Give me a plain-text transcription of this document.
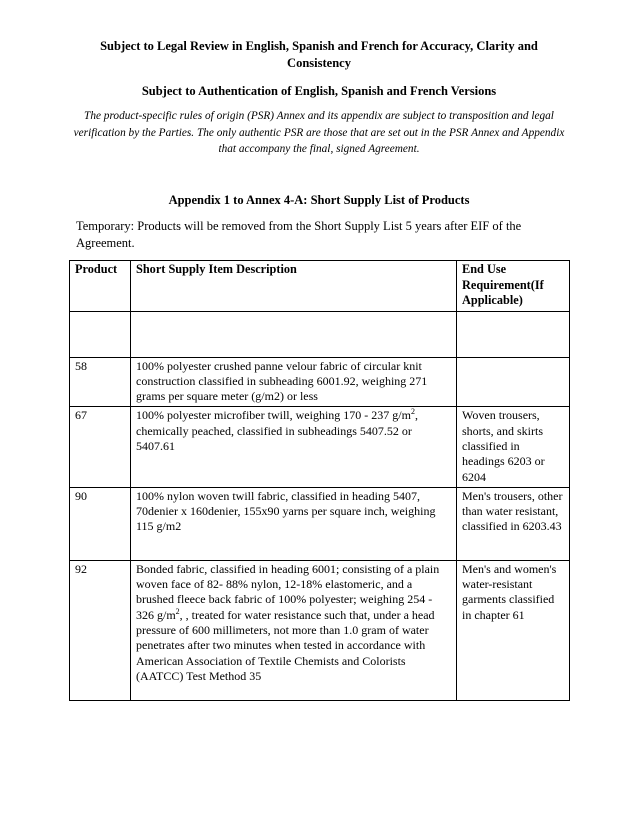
Subject to Legal Review in English, Spanish and French for Accuracy, Clarity and Consistency
Subject to Authentication of English, Spanish and French Versions
The product-specific rules of origin (PSR) Annex and its appendix are subject to transposition and legal verification by the Parties. The only authentic PSR are those that are set out in the PSR Annex and Appendix that accompany the final, signed Agreement.
Appendix 1 to Annex 4-A: Short Supply List of Products
Temporary: Products will be removed from the Short Supply List 5 years after EIF of the Agreement.
Product	Short Supply Item Description	End Use Requirement(If Applicable)

58	100% polyester crushed panne velour fabric of circular knit construction classified in subheading 6001.92, weighing 271 grams per square meter (g/m2) or less	
67	100% polyester microfiber twill, weighing 170 - 237 $g/m^2$, chemically peached, classified in subheadings 5407.52 or 5407.61	Woven trousers, shorts, and skirts classified in headings 6203 or 6204
90	100% nylon woven twill fabric, classified in heading 5407, 70denier x 160denier, 155x90 yarns per square inch, weighing 115 g/m2	Men's trousers, other than water resistant, classified in 6203.43
92	Bonded fabric, classified in heading 6001; consisting of a plain woven face of 82- 88% nylon, 12-18% elastomeric, and a brushed fleece back fabric of 100% polyester; weighing 254 - 326 $g/m^2$, , treated for water resistance such that, under a head pressure of 600 millimeters, not more than 1.0 gram of water penetrates after two minutes when tested in accordance with American Association of Textile Chemists and Colorists (AATCC) Test Method 35	Men's and women's water-resistant garments classified in chapter 61
